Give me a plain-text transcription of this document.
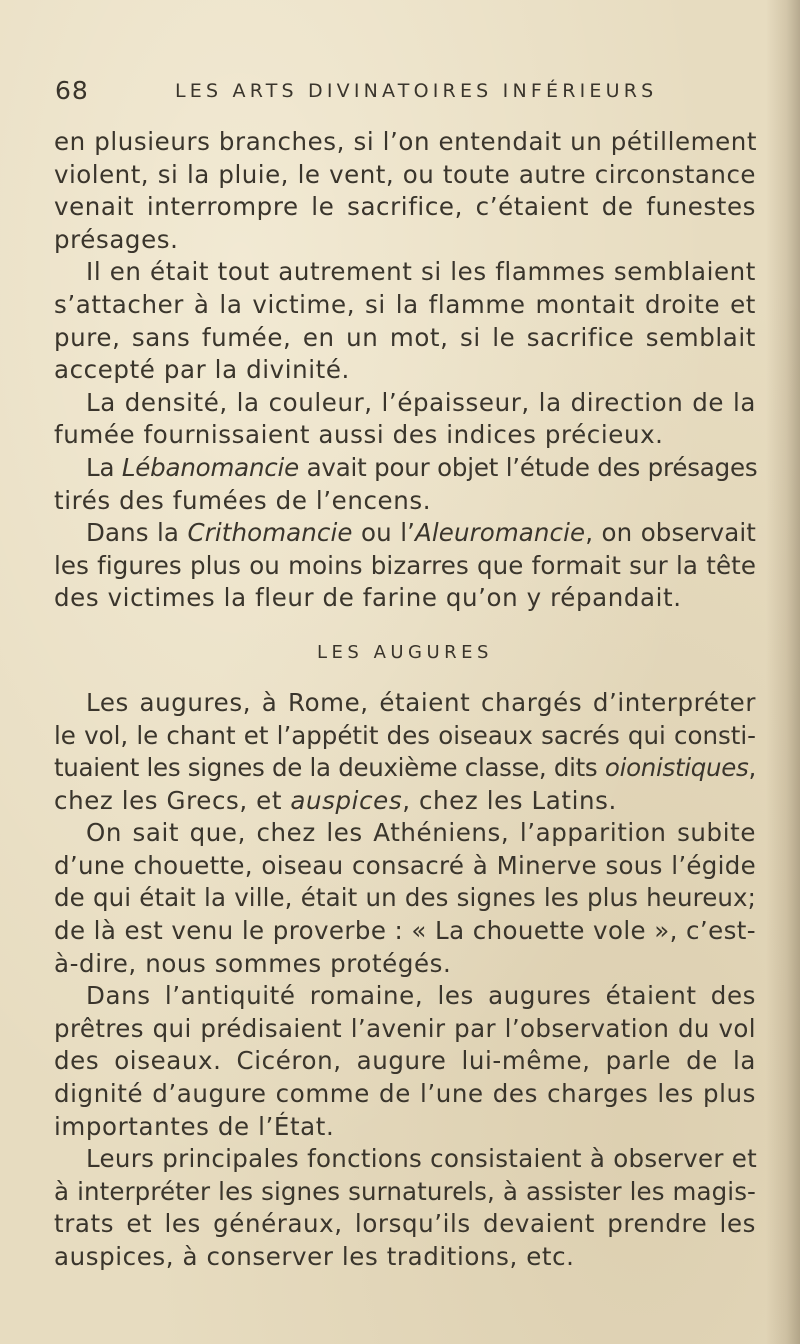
68	LES ARTS DIVINATOIRES INFÉRIEURS
en plusieurs branches, si l’on entendait un pétillement
violent, si la pluie, le vent, ou toute autre circonstance
venait interrompre le sacrifice, c’étaient de funestes
présages.
Il en était tout autrement si les flammes semblaient
s’attacher à la victime, si la flamme montait droite et
pure, sans fumée, en un mot, si le sacrifice semblait
accepté par la divinité.
La densité, la couleur, l’épaisseur, la direction de la
fumée fournissaient aussi des indices précieux.
La Lébanomancie avait pour objet l’étude des présages
tirés des fumées de l’encens.
Dans la Crithomancie ou l’Aleuromancie, on observait
les figures plus ou moins bizarres que formait sur la tête
des victimes la fleur de farine qu’on y répandait.
LES AUGURES
Les augures, à Rome, étaient chargés d’interpréter
le vol, le chant et l’appétit des oiseaux sacrés qui consti-
tuaient les signes de la deuxième classe, dits oionistiques,
chez les Grecs, et auspices, chez les Latins.
On sait que, chez les Athéniens, l’apparition subite
d’une chouette, oiseau consacré à Minerve sous l’égide
de qui était la ville, était un des signes les plus heureux;
de là est venu le proverbe : « La chouette vole », c’est-
à-dire, nous sommes protégés.
Dans l’antiquité romaine, les augures étaient des
prêtres qui prédisaient l’avenir par l’observation du vol
des oiseaux. Cicéron, augure lui-même, parle de la
dignité d’augure comme de l’une des charges les plus
importantes de l’État.
Leurs principales fonctions consistaient à observer et
à interpréter les signes surnaturels, à assister les magis-
trats et les généraux, lorsqu’ils devaient prendre les
auspices, à conserver les traditions, etc.
